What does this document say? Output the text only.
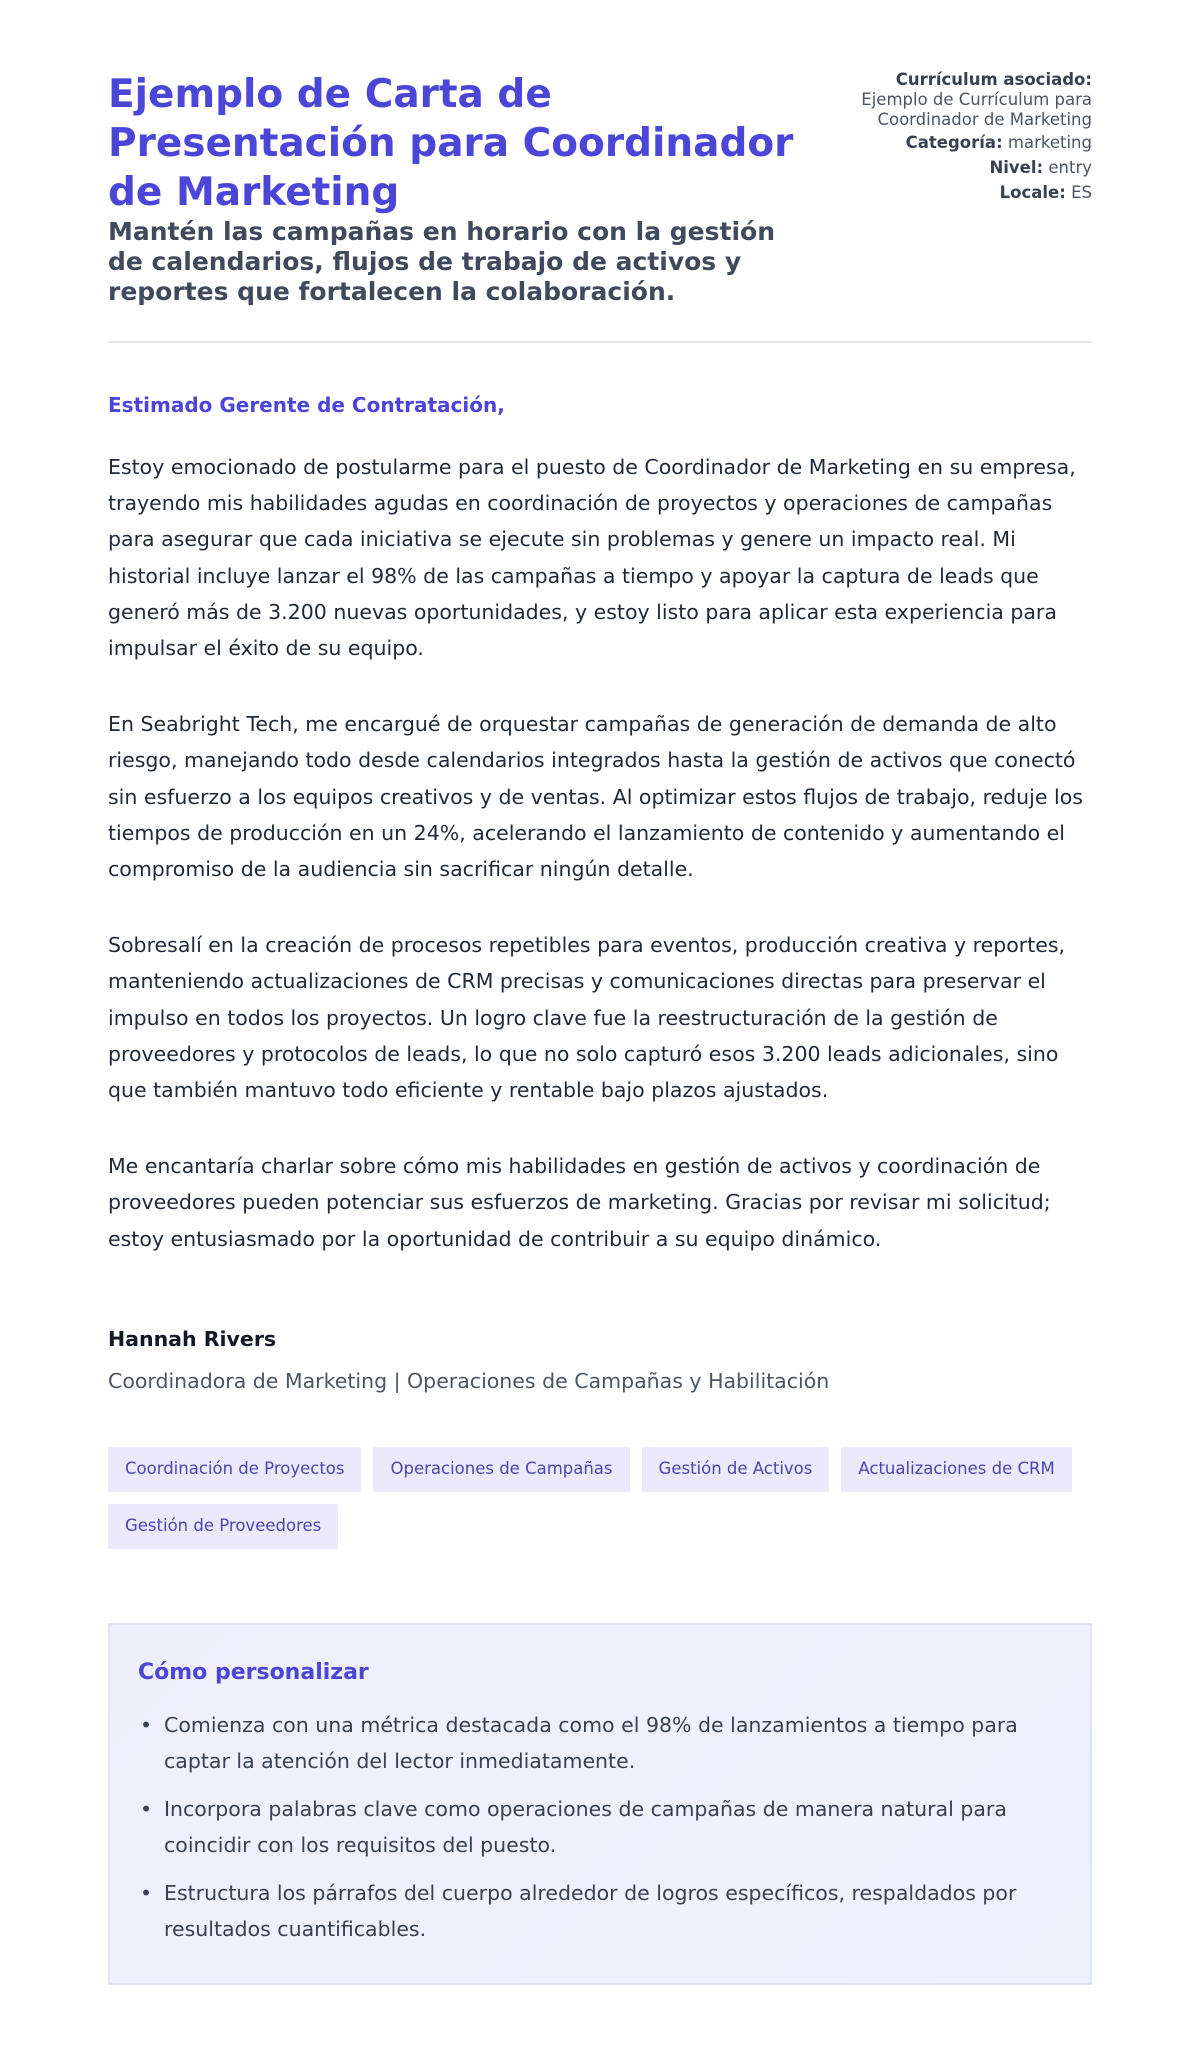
Ejemplo de Carta de Presentación para Coordinador de Marketing
Mantén las campañas en horario con la gestión de calendarios, flujos de trabajo de activos y reportes que fortalecen la colaboración.
Currículum asociado:
Ejemplo de Currículum para Coordinador de Marketing
Categoría: marketing
Nivel: entry
Locale: ES

Estimado Gerente de Contratación,

Estoy emocionado de postularme para el puesto de Coordinador de Marketing en su empresa, trayendo mis habilidades agudas en coordinación de proyectos y operaciones de campañas para asegurar que cada iniciativa se ejecute sin problemas y genere un impacto real. Mi historial incluye lanzar el 98% de las campañas a tiempo y apoyar la captura de leads que generó más de 3.200 nuevas oportunidades, y estoy listo para aplicar esta experiencia para impulsar el éxito de su equipo.

En Seabright Tech, me encargué de orquestar campañas de generación de demanda de alto riesgo, manejando todo desde calendarios integrados hasta la gestión de activos que conectó sin esfuerzo a los equipos creativos y de ventas. Al optimizar estos flujos de trabajo, reduje los tiempos de producción en un 24%, acelerando el lanzamiento de contenido y aumentando el compromiso de la audiencia sin sacrificar ningún detalle.

Sobresalí en la creación de procesos repetibles para eventos, producción creativa y reportes, manteniendo actualizaciones de CRM precisas y comunicaciones directas para preservar el impulso en todos los proyectos. Un logro clave fue la reestructuración de la gestión de proveedores y protocolos de leads, lo que no solo capturó esos 3.200 leads adicionales, sino que también mantuvo todo eficiente y rentable bajo plazos ajustados.

Me encantaría charlar sobre cómo mis habilidades en gestión de activos y coordinación de proveedores pueden potenciar sus esfuerzos de marketing. Gracias por revisar mi solicitud; estoy entusiasmado por la oportunidad de contribuir a su equipo dinámico.

Hannah Rivers
Coordinadora de Marketing | Operaciones de Campañas y Habilitación
Coordinación de Proyectos	Operaciones de Campañas	Gestión de Activos	Actualizaciones de CRM
Gestión de Proveedores
Cómo personalizar
• Comienza con una métrica destacada como el 98% de lanzamientos a tiempo para captar la atención del lector inmediatamente.
• Incorpora palabras clave como operaciones de campañas de manera natural para coincidir con los requisitos del puesto.
• Estructura los párrafos del cuerpo alrededor de logros específicos, respaldados por resultados cuantificables.
